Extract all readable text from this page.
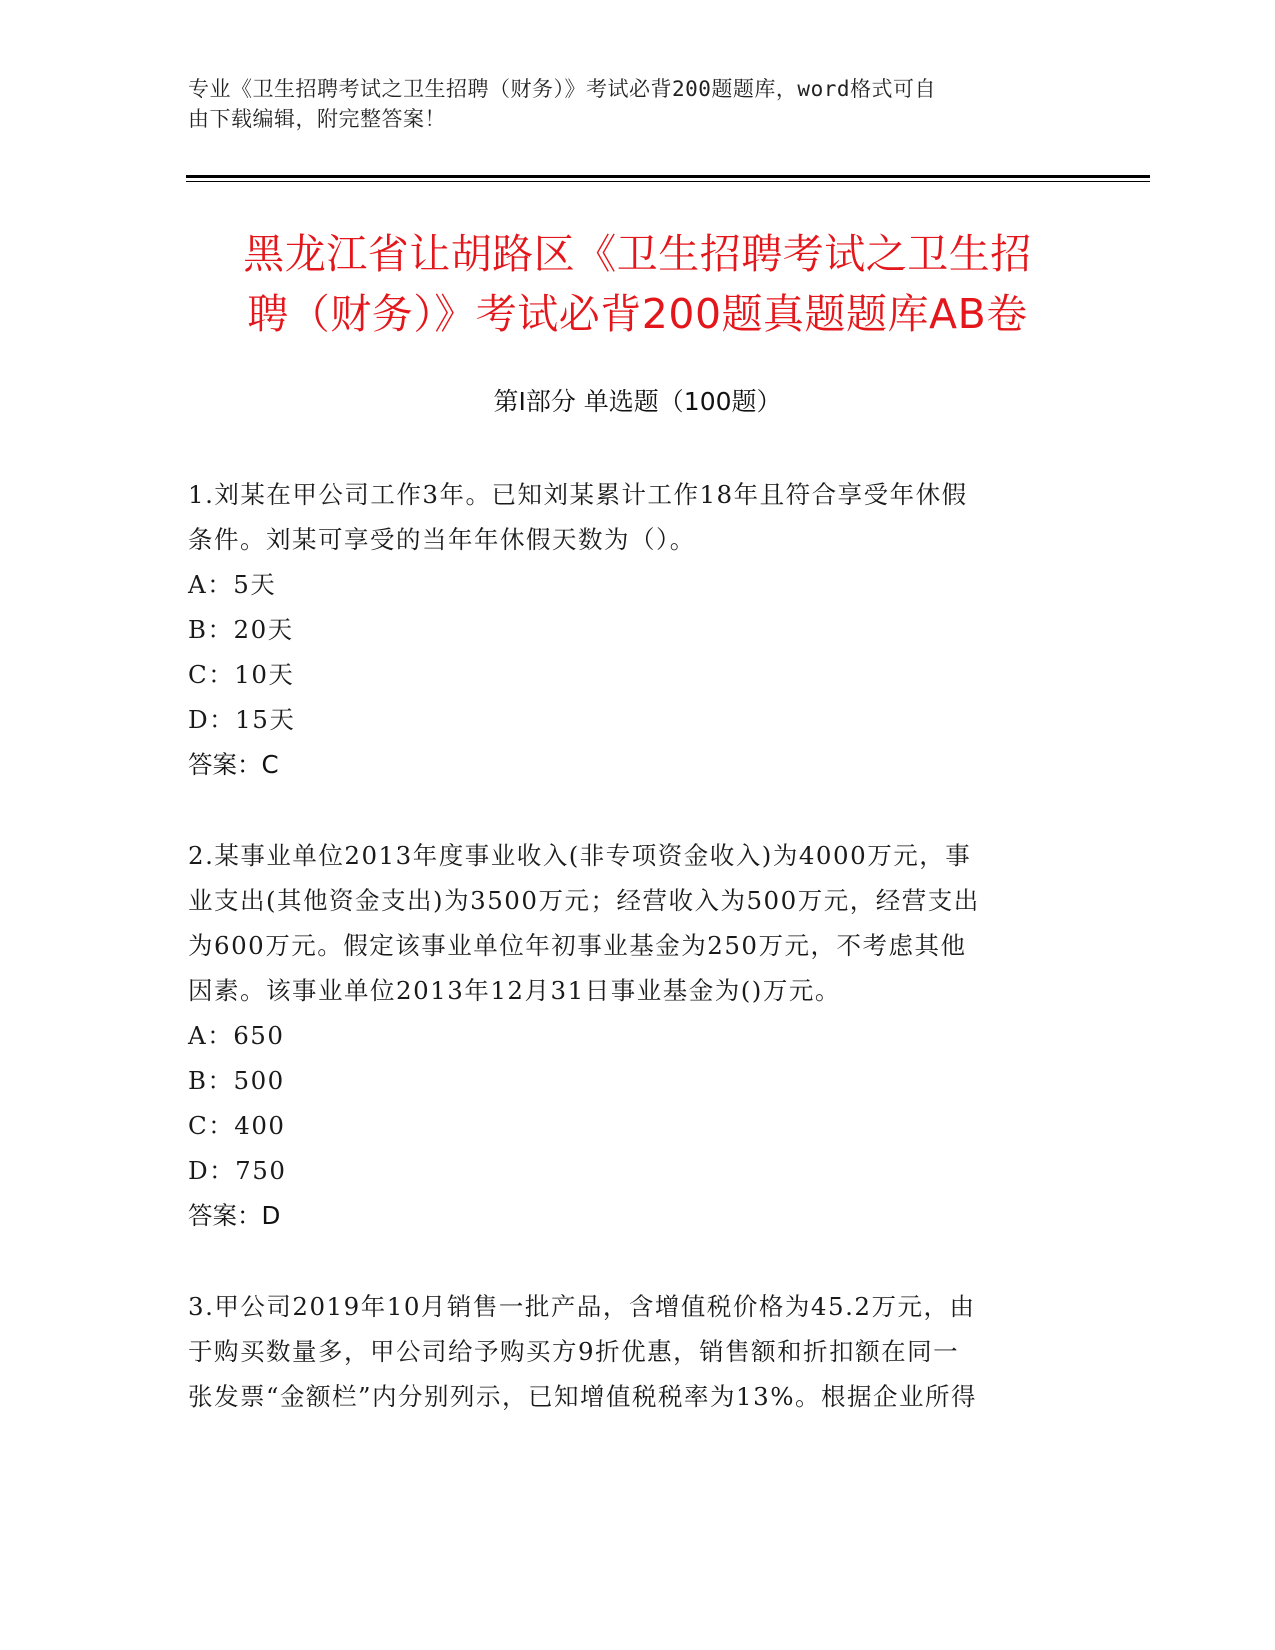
专业《卫生招聘考试之卫生招聘（财务）》考试必背200题题库，word格式可自
由下载编辑，附完整答案！
黑龙江省让胡路区《卫生招聘考试之卫生招
聘（财务）》考试必背200题真题题库AB卷
第Ⅰ部分 单选题（100题）
1.刘某在甲公司工作3年。已知刘某累计工作18年且符合享受年休假
条件。刘某可享受的当年年休假天数为（）。
A：5天
B：20天
C：10天
D：15天
答案：C
2.某事业单位2013年度事业收入(非专项资金收入)为4000万元，事
业支出(其他资金支出)为3500万元；经营收入为500万元，经营支出
为600万元。假定该事业单位年初事业基金为250万元，不考虑其他
因素。该事业单位2013年12月31日事业基金为()万元。
A：650
B：500
C：400
D：750
答案：D
3.甲公司2019年10月销售一批产品，含增值税价格为45.2万元，由
于购买数量多，甲公司给予购买方9折优惠，销售额和折扣额在同一
张发票“金额栏”内分别列示，已知增值税税率为13%。根据企业所得
